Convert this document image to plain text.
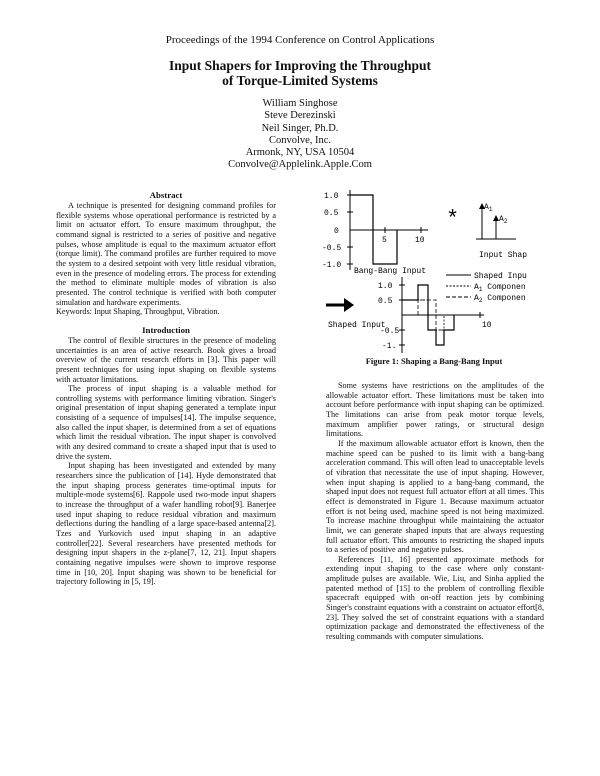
Proceedings of the 1994 Conference on Control Applications
Input Shapers for Improving the Throughput
of Torque-Limited Systems
William Singhose
Steve Derezinski
Neil Singer, Ph.D.
Convolve, Inc.
Armonk, NY, USA 10504
Convolve@Applelink.Apple.Com
Abstract

A technique is presented for designing command profiles for flexible systems whose operational performance is restricted by a limit on actuator effort. To ensure maximum throughput, the command signal is restricted to a series of positive and negative pulses, whose amplitude is equal to the maximum actuator effort (torque limit). The command profiles are further required to move the system to a desired setpoint with very little residual vibration, even in the presence of modeling errors. The process for extending the method to eliminate multiple modes of vibration is also presented. The control technique is verified with both computer simulation and hardware experiments.

Keywords: Input Shaping, Throughput, Vibration.

Introduction

The control of flexible structures in the presence of modeling uncertainties is an area of active research. Book gives a broad overview of the current research efforts in [3]. This paper will present techniques for using input shaping on flexible systems with actuator limitations.

The process of input shaping is a valuable method for controlling systems with performance limiting vibration. Singer's original presentation of input shaping generated a template input consisting of a sequence of impulses[14]. The impulse sequence, also called the input shaper, is determined from a set of equations which limit the residual vibration. The input shaper is convolved with any desired command to create a shaped input that is used to drive the system.

Input shaping has been investigated and extended by many researchers since the publication of [14]. Hyde demonstrated that the input shaping process generates time-optimal inputs for multiple-mode systems[6]. Rappole used two-mode input shapers to increase the throughput of a wafer handling robot[9]. Banerjee used input shaping to reduce residual vibration and maximum deflections during the handling of a large space-based antenna[2]. Tzes and Yurkovich used input shaping in an adaptive controller[22]. Several researchers have presented methods for designing input shapers in the z-plane[7, 12, 21]. Input shapers containing negative impulses were shown to improve response time in [10, 20]. Input shaping was shown to be beneficial for trajectory following in [5, 19].

1.0
0.5
0
-0.5
-1.0
5	10
Bang-Bang Input
*	$A_1$
$A_2$
Input Shap
1.0
0.5
-0.5
-1.
10
Shaped Input
Shaped Inpu
$A_1$ Componen
$A_2$ Componen
Figure 1: Shaping a Bang-Bang Input

Some systems have restrictions on the amplitudes of the allowable actuator effort. These limitations must be taken into account before performance with input shaping can be optimized. The limitations can arise from peak motor torque levels, maximum amplifier power ratings, or structural design limitations.

If the maximum allowable actuator effort is known, then the machine speed can be pushed to its limit with a bang-bang acceleration command. This will often lead to unacceptable levels of vibration that necessitate the use of input shaping. However, when input shaping is applied to a bang-bang command, the shaped input does not request full actuator effort at all times. This effect is demonstrated in Figure 1. Because maximum actuator effort is not being used, machine speed is not being maximized. To increase machine throughput while maintaining the actuator limit, we can generate shaped inputs that are always requesting full actuator effort. This amounts to restricting the shaped inputs to a series of positive and negative pulses.

References [11, 16] presented approximate methods for extending input shaping to the case where only constant-amplitude pulses are available. Wie, Liu, and Sinha applied the patented method of [15] to the problem of controlling flexible spacecraft equipped with on-off reaction jets by combining Singer's constraint equations with a constraint on actuator effort[8, 23]. They solved the set of constraint equations with a standard optimization package and demonstrated the effectiveness of the resulting commands with computer simulations.
